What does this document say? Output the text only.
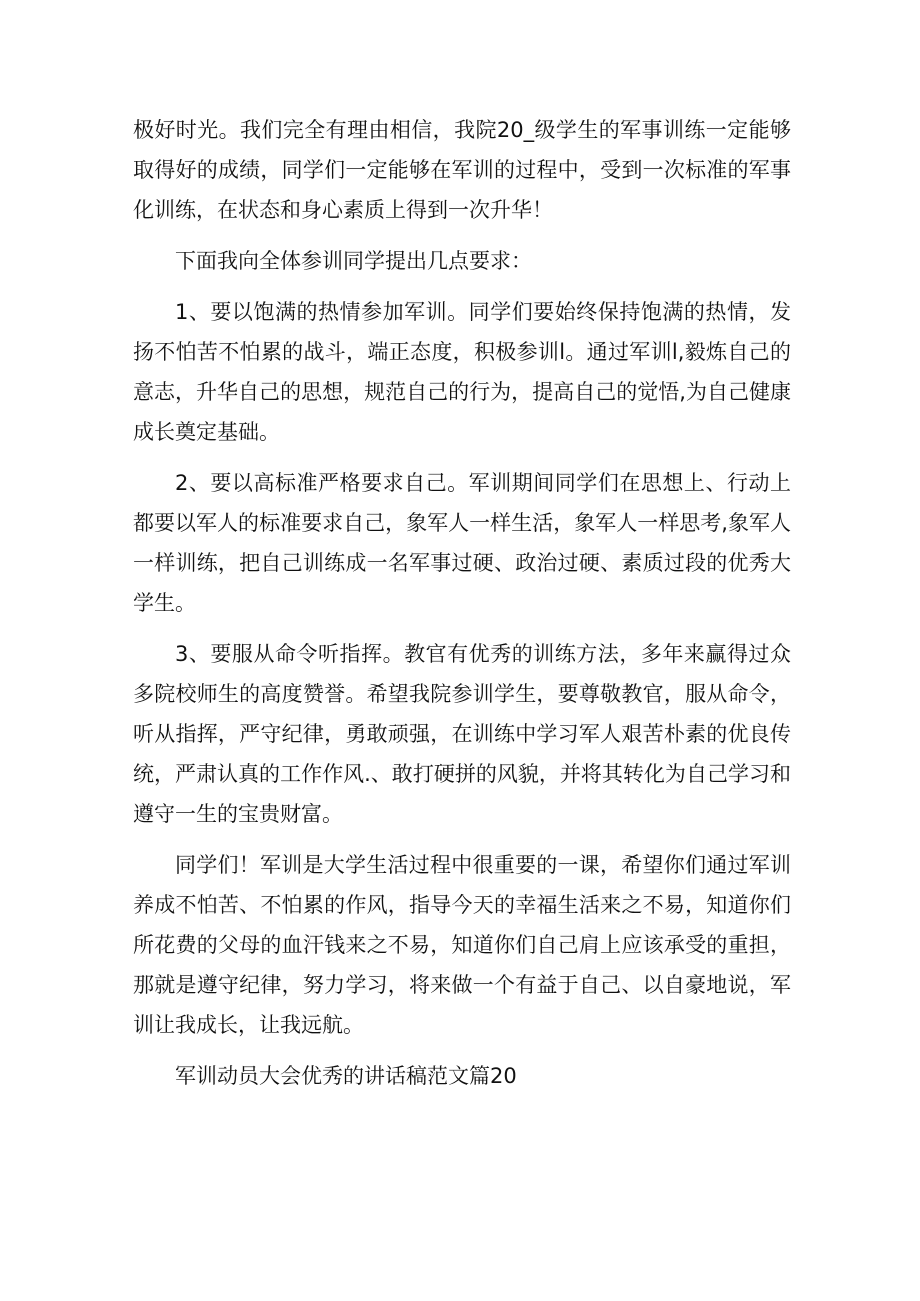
极好时光。我们完全有理由相信，我院20_级学生的军事训练一定能够取得好的成绩，同学们一定能够在军训的过程中，受到一次标准的军事化训练，在状态和身心素质上得到一次升华！

下面我向全体参训同学提出几点要求：

1、要以饱满的热情参加军训。同学们要始终保持饱满的热情，发扬不怕苦不怕累的战斗，端正态度，积极参训l。通过军训l,毅炼自己的意志，升华自己的思想，规范自己的行为，提高自己的觉悟,为自己健康成长奠定基础。

2、要以高标准严格要求自己。军训期间同学们在思想上、行动上都要以军人的标准要求自己，象军人一样生活，象军人一样思考,象军人一样训练，把自己训练成一名军事过硬、政治过硬、素质过段的优秀大学生。

3、要服从命令听指挥。教官有优秀的训练方法，多年来赢得过众多院校师生的高度赞誉。希望我院参训学生，要尊敬教官，服从命令，听从指挥，严守纪律，勇敢顽强，在训练中学习军人艰苦朴素的优良传统，严肃认真的工作作风.、敢打硬拼的风貌，并将其转化为自己学习和遵守一生的宝贵财富。

同学们！军训是大学生活过程中很重要的一课，希望你们通过军训养成不怕苦、不怕累的作风，指导今天的幸福生活来之不易，知道你们所花费的父母的血汗钱来之不易，知道你们自己肩上应该承受的重担，那就是遵守纪律，努力学习，将来做一个有益于自己、以自豪地说，军训让我成长，让我远航。

军训动员大会优秀的讲话稿范文篇20
